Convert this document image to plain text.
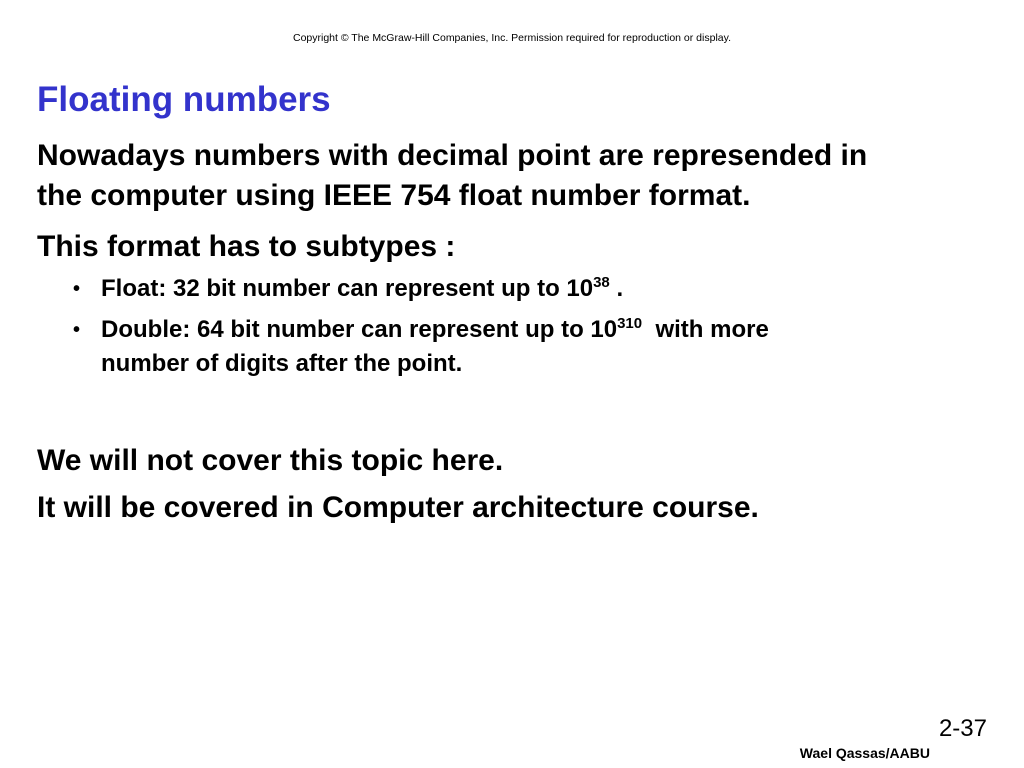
Copyright © The McGraw-Hill Companies, Inc. Permission required for reproduction or display.
Floating numbers
Nowadays numbers with decimal point are represended in
the computer using IEEE 754 float number format.
This format has to subtypes :
• Float: 32 bit number can represent up to $10^{38}$ .
• Double: 64 bit number can represent up to $10^{310}$  with more
number of digits after the point.
We will not cover this topic here.
It will be covered in Computer architecture course.
2-37
Wael Qassas/AABU
